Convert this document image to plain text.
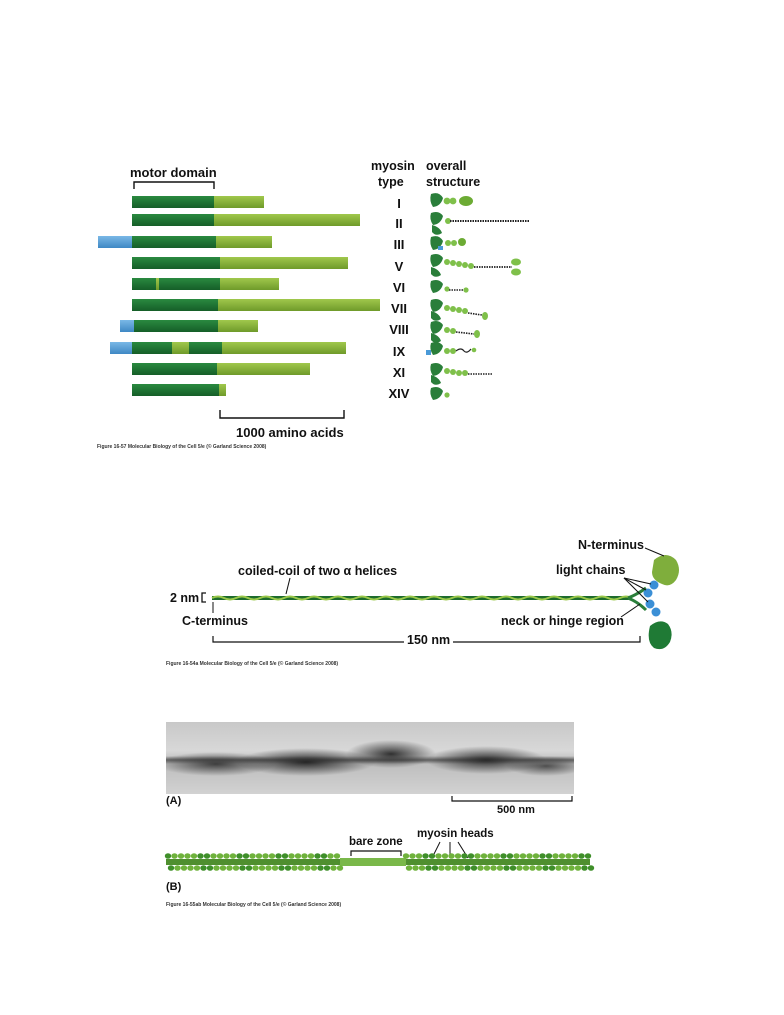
motor domain	myosin
type
overall
structure
I
II
III
V
VI
VII
VIII
IX
XI
XIV
1000 amino acids
Figure 16-57 Molecular Biology of the Cell 5/e (© Garland Science 2008)
N-terminus
coiled-coil of two α helices	light chains
2 nm
C-terminus	neck or hinge region
150 nm
Figure 16-54a Molecular Biology of the Cell 5/e (© Garland Science 2008)
(A)
500 nm
bare zone
myosin heads
(B)
Figure 16-55ab Molecular Biology of the Cell 5/e (© Garland Science 2008)
